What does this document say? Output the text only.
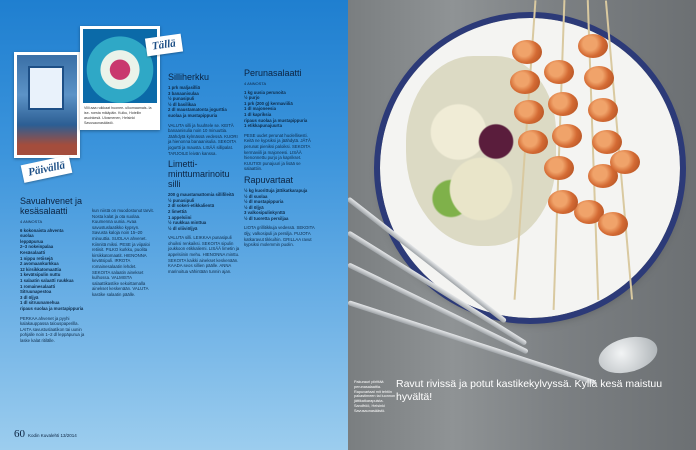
Villi aaa ruikkaat huonee- ulkomaamais- la ise- roesta mikäpäin. Kulku, Hotellin asuinkesä. Ulosmenen, Helsinki Savusaunasäästö.
Tällä
Päivällä
Savuahvenet ja kesäsalaatti
4 ANNOSTA
6 kokonaista ahventa
suolaa
leppäpurua
2–3 nokeinpalaa
Kesäsalaatti
1 nippu retiisejä
2 avomaankurkkua
12 kirsikkatomaattia
1 kevätsipulin nuttu
1 salaatin salaatti ruukkua
1 romainesalaatti
Sitruunapestoa
3 dl öljyä
1 dl sitruunamehua
ripaus suolaa ja mustapippuria

PERKAA ahvenet ja pyyhi kalakauppassa talouspaperilla. LAITA savustuslaatikon tai uunin pohjalle noin 1–2 dl leppäpurua ja laske kalat ritilälle.

kun niistä on muodostunut tarvit. Nosta kalat ja ota suolaa. Kuumenna uunia. Avaa savustuslaatikko kypsyn. Savusta kaloja noin 15–20 minuuttia. SUOLAA ahvenet. Kiinnitä miksi. PESE ja viipaloi retiisit. PILKO kurkku, puolita kirsikkatomaatit. HIENONNA kevätsipuli. IRROTA romainesalaatin lehdet. SEKOITA salaatin ainekset kulhossa. VALMISTA salaattikastike sekoittamalla ainekset keskenään. VALUTA kastike salaatin päälle.

Silliherkku
1 prk maljasilliä
3 banaanisulaa
½ punasipuli
½ dl basilikaa
2 dl maustamatonta jogurttia
suolaa ja mustapippuria

VALUTA silli ja huuhtele se. KEITÄ banaanisulia noin 10 minuuttia. Jäähdytä kylmässä vedessä. KUORI ja hienonna banaanisulia. SEKOITA jogurtti ja mausta. LISÄÄ sillipalat. TARJOILE leivän kanssa.

Limetti-minttumarinoitu silli
200 g maustamattomia sillifileitä
½ punasipuli
2 dl sokeri-etikkalientä
2 limettiä
1 appelsiini
½ ruukkua minttua
½ dl oliiviöljyä

VALUTA silli. LEIKKAA punasipuli ohuiksi renkaiksi. SEKOITA sipulin joukkoon etikkaliemi. LISÄÄ limetin ja appelsiinin mehu. HIENONNA minttu. SEKOITA kaikki ainekset keskenään. KAADA seos sillien päälle. ANNA marinoitua vähintään tunnin ajan.

Perunasalaatti
4 ANNOSTA
1 kg uusia perunoita
½ purjo
1 prk (200 g) kermaviiliä
1 dl majoneesia
1 dl kapriksia
ripaus suolaa ja mustapippuria
1 etikkapunajuurta

PESE uudet perunat huolellisesti. Keitä ne kypsiksi ja jäähdytä. JÄTÄ perunat pieniksi paloiksi. SEKOITA kermaviili ja majoneesi. LISÄÄ hienonnettu purjo ja kaprikset. KUUTIOI punajuuri ja lisää se salaattiin.

Rapuvartaat
½ kg kuorittuja jättikatkarapuja
½ dl suolaa
½ dl mustapippuria
½ dl öljyä
3 valkosipulinkynttä
½ dl tuoretta persiljaa

LIOTA grillitikkuja vedessä. SEKOITA öljy, valkosipuli ja persilja. PUJOTA katkaravut tikkuihin. GRILLAA ravut kypsiksi molemmin puolin.

60 Kodin Kuvalehti 13/2014
Pakurauri piirittää perunasalaattia. Rapuvartaat mit tehtiin pakastimeen tai luonnon jättikatkarapuista. Sandfröö, Helsinki Savusaunasäästö.
Ravut rivissä ja potut kastikekylvyssä. Kyllä kesä maistuu hyvältä!
